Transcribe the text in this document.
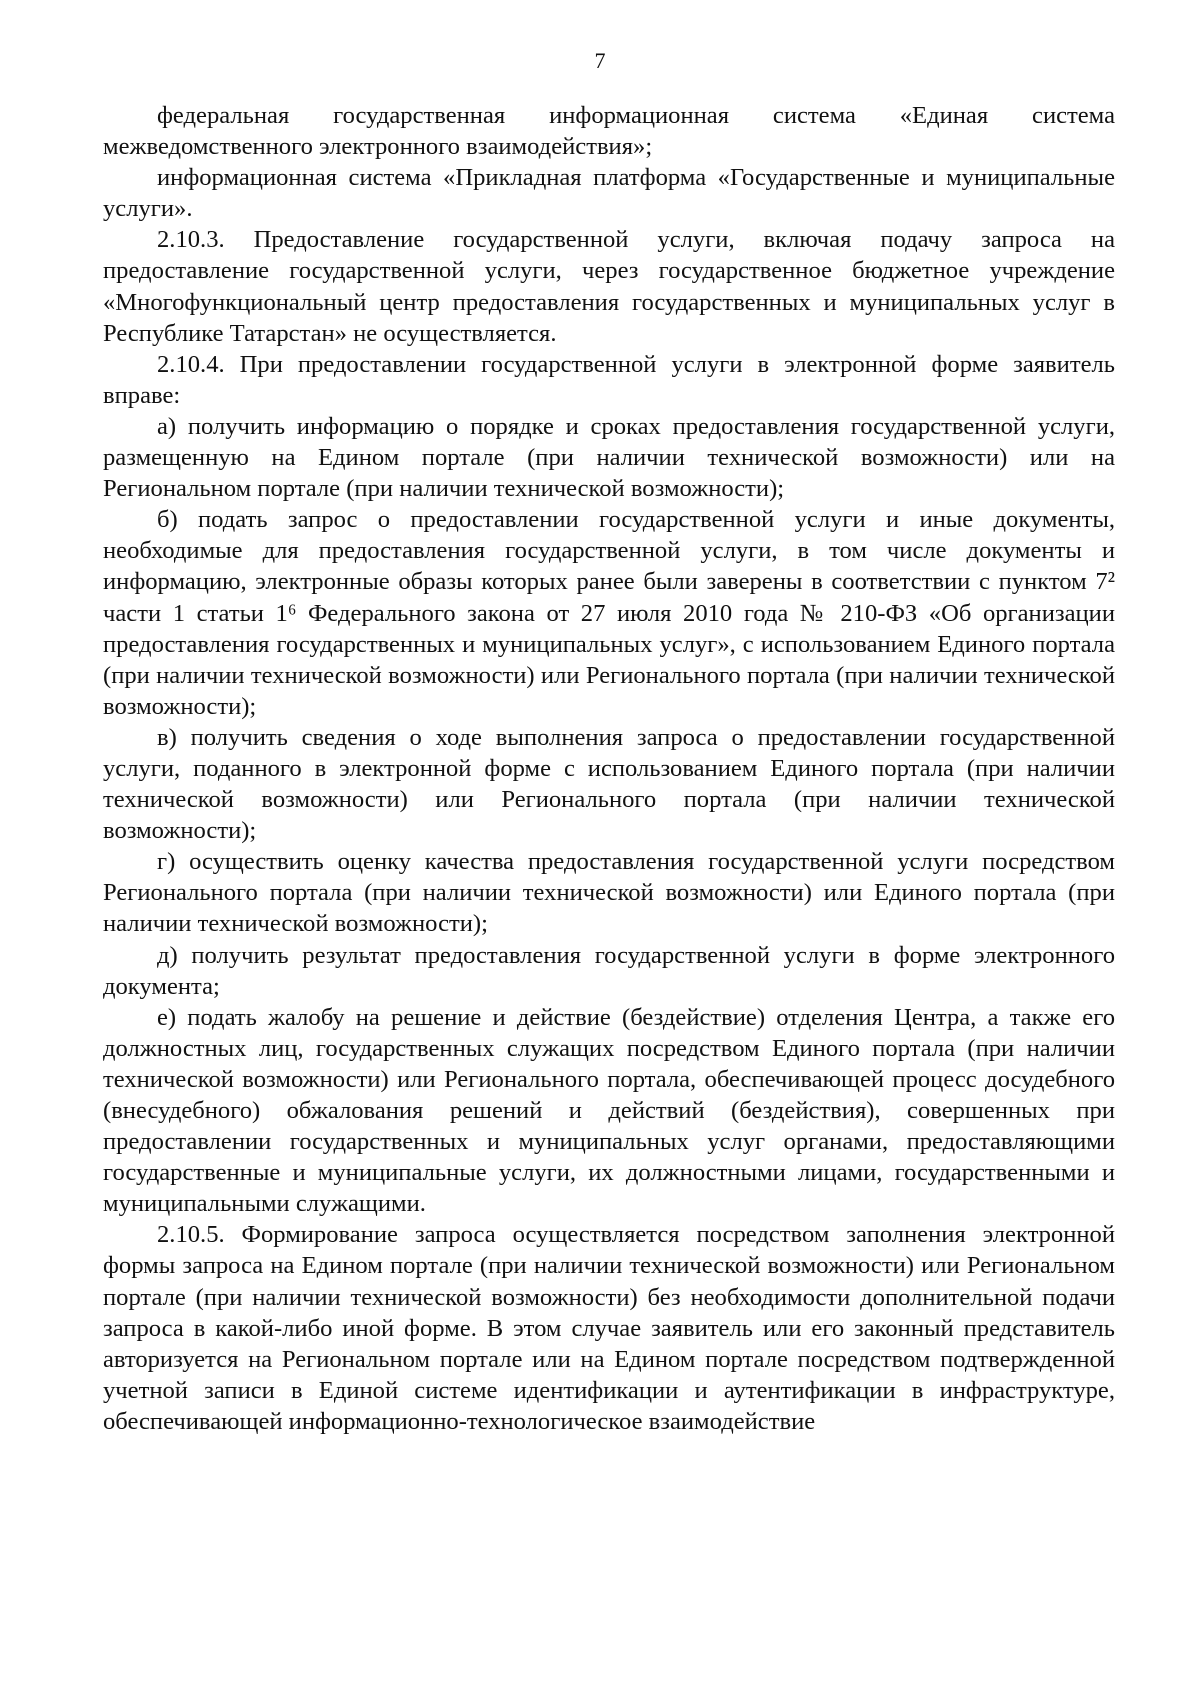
7

федеральная государственная информационная система «Единая система межведомственного электронного взаимодействия»;

информационная система «Прикладная платформа «Государственные и муниципальные услуги».

2.10.3. Предоставление государственной услуги, включая подачу запроса на предоставление государственной услуги, через государственное бюджетное учреждение «Многофункциональный центр предоставления государственных и муниципальных услуг в Республике Татарстан» не осуществляется.

2.10.4. При предоставлении государственной услуги в электронной форме заявитель вправе:

а) получить информацию о порядке и сроках предоставления государственной услуги, размещенную на Едином портале (при наличии технической возможности) или на Региональном портале (при наличии технической возможности);

б) подать запрос о предоставлении государственной услуги и иные документы, необходимые для предоставления государственной услуги, в том числе документы и информацию, электронные образы которых ранее были заверены в соответствии с пунктом 7² части 1 статьи 1⁶ Федерального закона от 27 июля 2010 года № 210-ФЗ «Об организации предоставления государственных и муниципальных услуг», с использованием Единого портала (при наличии технической возможности) или Регионального портала (при наличии технической возможности);

в) получить сведения о ходе выполнения запроса о предоставлении государственной услуги, поданного в электронной форме с использованием Единого портала (при наличии технической возможности) или Регионального портала (при наличии технической возможности);

г) осуществить оценку качества предоставления государственной услуги посредством Регионального портала (при наличии технической возможности) или Единого портала (при наличии технической возможности);

д) получить результат предоставления государственной услуги в форме электронного документа;

е) подать жалобу на решение и действие (бездействие) отделения Центра, а также его должностных лиц, государственных служащих посредством Единого портала (при наличии технической возможности) или Регионального портала, обеспечивающей процесс досудебного (внесудебного) обжалования решений и действий (бездействия), совершенных при предоставлении государственных и муниципальных услуг органами, предоставляющими государственные и муниципальные услуги, их должностными лицами, государственными и муниципальными служащими.

2.10.5. Формирование запроса осуществляется посредством заполнения электронной формы запроса на Едином портале (при наличии технической возможности) или Региональном портале (при наличии технической возможности) без необходимости дополнительной подачи запроса в какой-либо иной форме. В этом случае заявитель или его законный представитель авторизуется на Региональном портале или на Едином портале посредством подтвержденной учетной записи в Единой системе идентификации и аутентификации в инфраструктуре, обеспечивающей информационно-технологическое взаимодействие
